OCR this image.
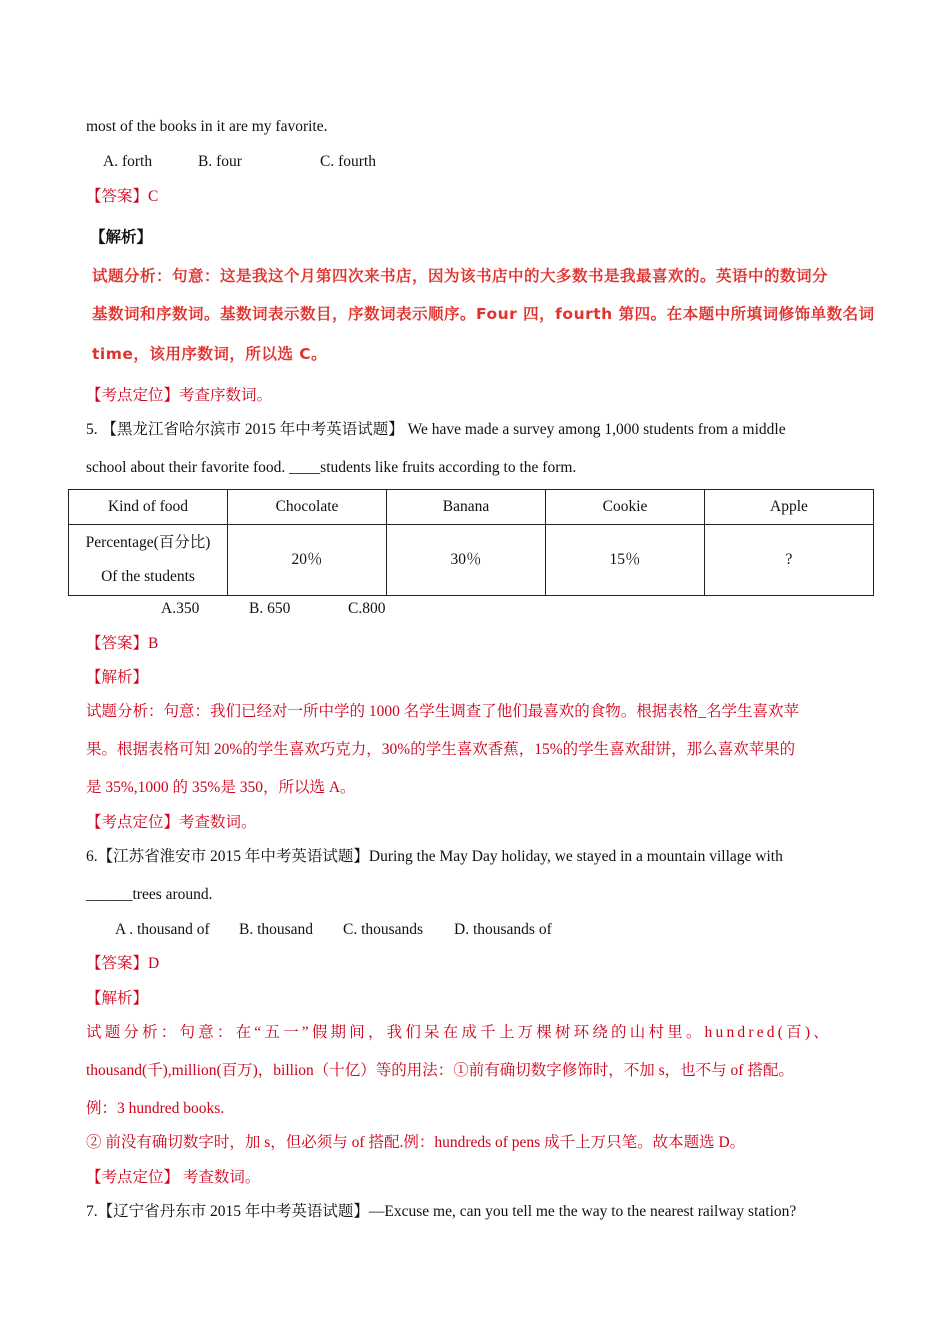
most of the books in it are my favorite.
A. forth	B. four	C. fourth
【答案】C
【解析】
试题分析：句意：这是我这个月第四次来书店，因为该书店中的大多数书是我最喜欢的。英语中的数词分
基数词和序数词。基数词表示数目，序数词表示顺序。Four 四，fourth 第四。在本题中所填词修饰单数名词
time，该用序数词，所以选 C。
【考点定位】考查序数词。
5. 【黑龙江省哈尔滨市 2015 年中考英语试题】 We have made a survey among 1,000 students from a middle
school about their favorite food. ____students like fruits according to the form.
Kind of food	Chocolate	Banana	Cookie	Apple

Percentage(百分比)
Of the students	20％	30％	15％	?
A.350	B. 650	C.800
【答案】B
【解析】
试题分析：句意：我们已经对一所中学的 1000 名学生调查了他们最喜欢的食物。根据表格_名学生喜欢苹
果。根据表格可知 20%的学生喜欢巧克力，30%的学生喜欢香蕉，15%的学生喜欢甜饼，那么喜欢苹果的
是 35%,1000 的 35%是 350，所以选 A。
【考点定位】考查数词。
6.【江苏省淮安市 2015 年中考英语试题】During the May Day holiday, we stayed in a mountain village with
______trees around.
A . thousand of B. thousand C. thousands D. thousands of
【答案】D
【解析】
试题分析：句意：在“五一”假期间，我们呆在成千上万棵树环绕的山村里。hundred(百)、
thousand(千),million(百万)，billion（十亿）等的用法：①前有确切数字修饰时，不加 s，也不与 of 搭配。
例：3 hundred books.
② 前没有确切数字时，加 s，但必须与 of 搭配.例：hundreds of pens 成千上万只笔。故本题选 D。
【考点定位】 考查数词。
7.【辽宁省丹东市 2015 年中考英语试题】—Excuse me, can you tell me the way to the nearest railway station?
